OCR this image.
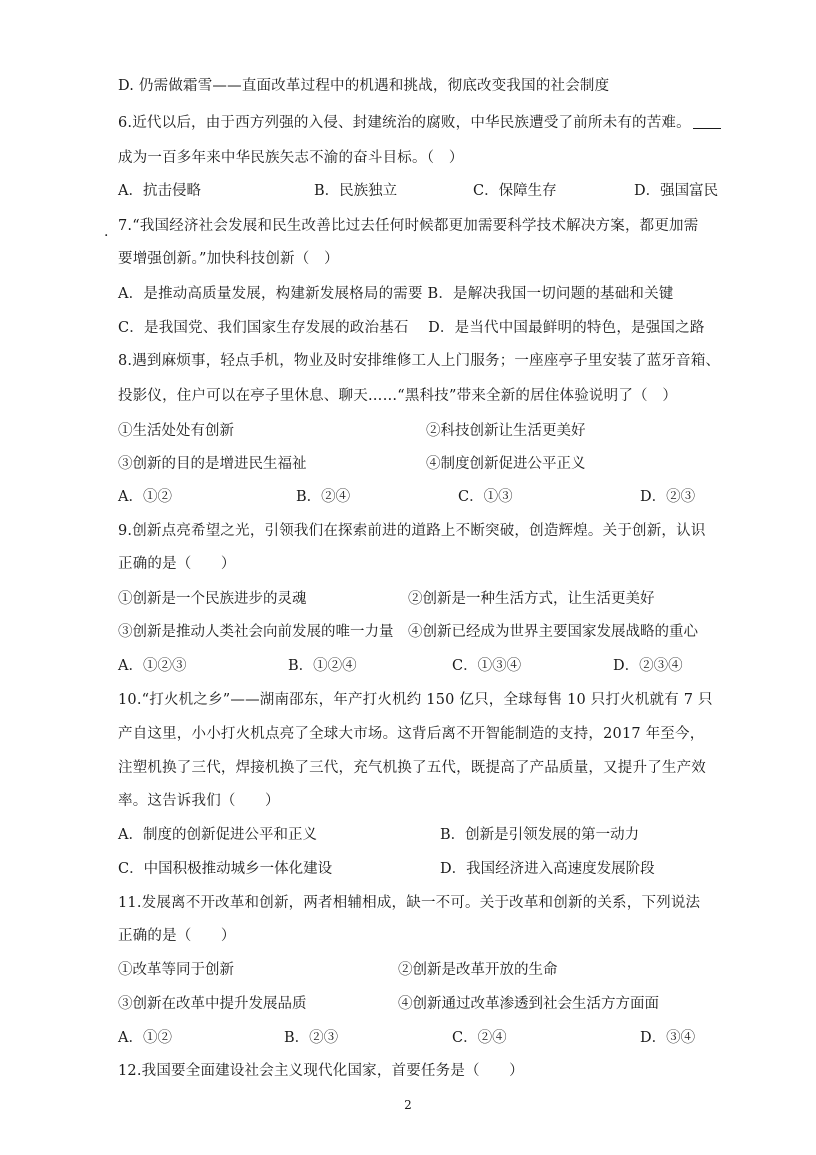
·
D. 仍需做霜雪——直面改革过程中的机遇和挑战，彻底改变我国的社会制度
6.近代以后，由于西方列强的入侵、封建统治的腐败，中华民族遭受了前所未有的苦难。
成为一百多年来中华民族矢志不渝的奋斗目标。（　）
A．抗击侵略	B．民族独立	C．保障生存	D．强国富民
7.“我国经济社会发展和民生改善比过去任何时候都更加需要科学技术解决方案，都更加需
要增强创新。”加快科技创新（　）
A．是推动高质量发展，构建新发展格局的需要 B．是解决我国一切问题的基础和关键
C．是我国党、我们国家生存发展的政治基石　 D．是当代中国最鲜明的特色，是强国之路
8.遇到麻烦事，轻点手机，物业及时安排维修工人上门服务；一座座亭子里安装了蓝牙音箱、
投影仪，住户可以在亭子里休息、聊天……“黑科技”带来全新的居住体验说明了（　）
①生活处处有创新	②科技创新让生活更美好
③创新的目的是增进民生福祉	④制度创新促进公平正义
A．①②	B．②④	C．①③	D．②③
9.创新点亮希望之光，引领我们在探索前进的道路上不断突破，创造辉煌。关于创新，认识
正确的是（　　）
①创新是一个民族进步的灵魂	②创新是一种生活方式，让生活更美好
③创新是推动人类社会向前发展的唯一力量 ④创新已经成为世界主要国家发展战略的重心
A．①②③	B．①②④	C．①③④	D．②③④
10.“打火机之乡”——湖南邵东，年产打火机约 150 亿只，全球每售 10 只打火机就有 7 只
产自这里，小小打火机点亮了全球大市场。这背后离不开智能制造的支持，2017 年至今，
注塑机换了三代，焊接机换了三代，充气机换了五代，既提高了产品质量，又提升了生产效
率。这告诉我们（　　）
A．制度的创新促进公平和正义	B．创新是引领发展的第一动力
C．中国积极推动城乡一体化建设	D．我国经济进入高速度发展阶段
11.发展离不开改革和创新，两者相辅相成，缺一不可。关于改革和创新的关系，下列说法
正确的是（　　）
①改革等同于创新	②创新是改革开放的生命
③创新在改革中提升发展品质	④创新通过改革渗透到社会生活方方面面
A．①②	B．②③	C．②④	D．③④
12.我国要全面建设社会主义现代化国家，首要任务是（　　）
2
